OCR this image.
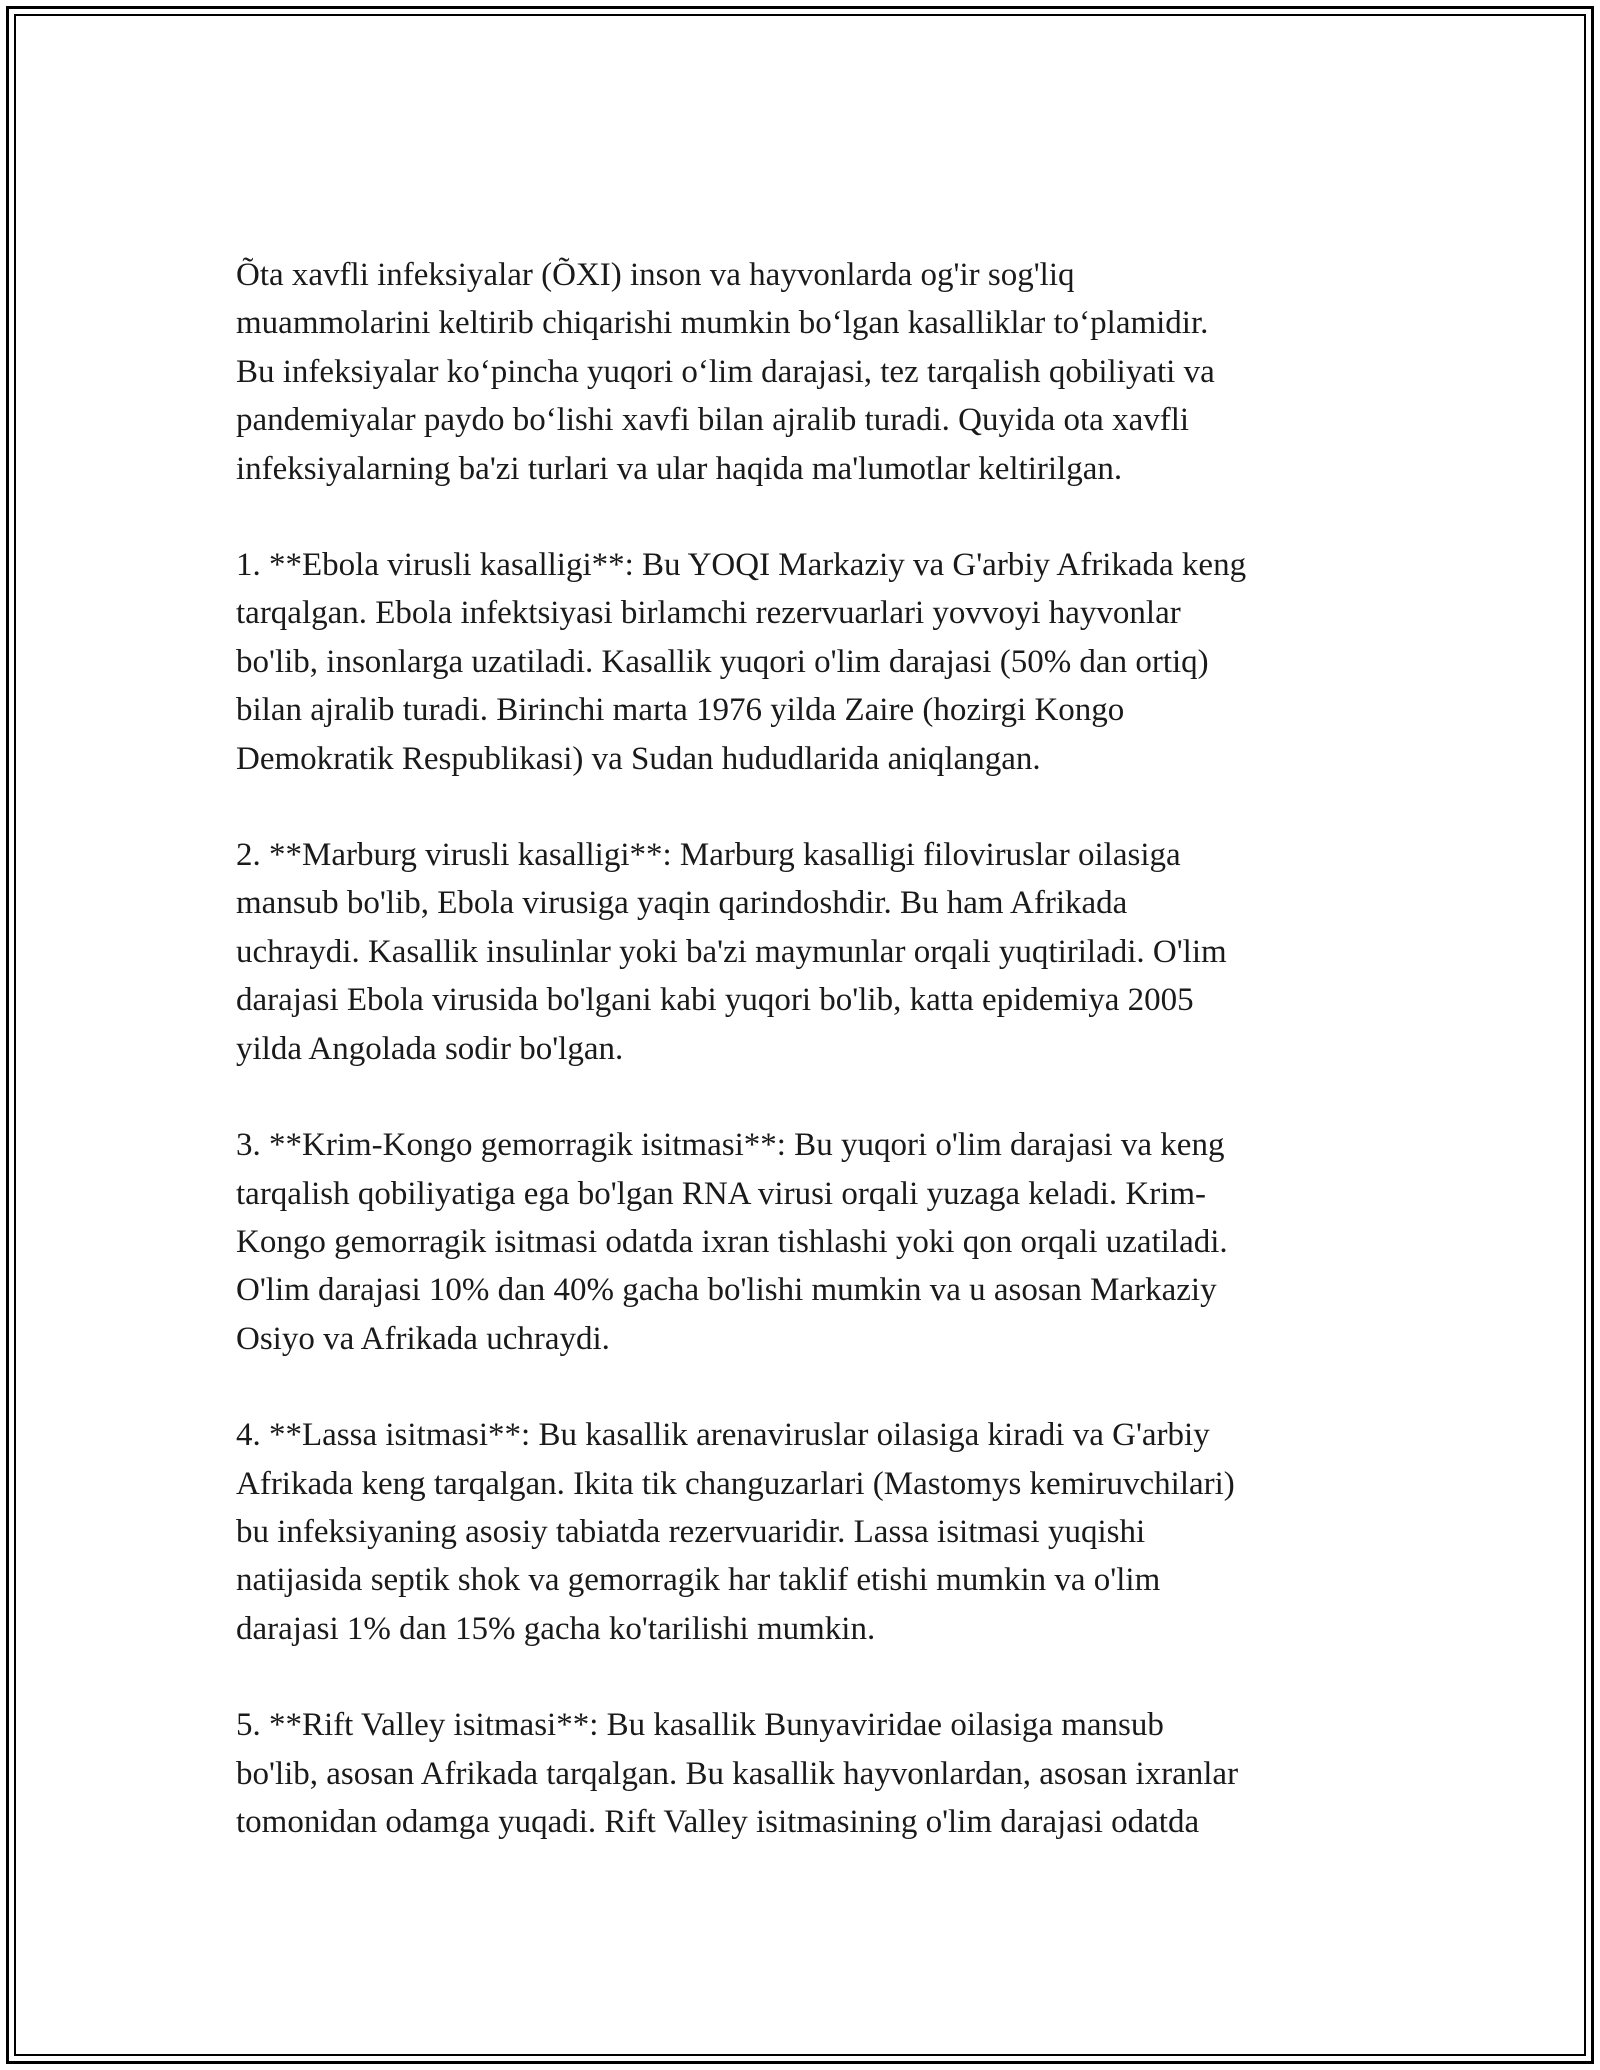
Õta xavfli infeksiyalar (ÕXI) inson va hayvonlarda og'ir sog'liq
muammolarini keltirib chiqarishi mumkin bo‘lgan kasalliklar to‘plamidir.
Bu infeksiyalar ko‘pincha yuqori o‘lim darajasi, tez tarqalish qobiliyati va
pandemiyalar paydo bo‘lishi xavfi bilan ajralib turadi. Quyida ota xavfli
infeksiyalarning ba'zi turlari va ular haqida ma'lumotlar keltirilgan.

1. **Ebola virusli kasalligi**: Bu YOQI Markaziy va G'arbiy Afrikada keng
tarqalgan. Ebola infektsiyasi birlamchi rezervuarlari yovvoyi hayvonlar
bo'lib, insonlarga uzatiladi. Kasallik yuqori o'lim darajasi (50% dan ortiq)
bilan ajralib turadi. Birinchi marta 1976 yilda Zaire (hozirgi Kongo
Demokratik Respublikasi) va Sudan hududlarida aniqlangan.

2. **Marburg virusli kasalligi**: Marburg kasalligi filoviruslar oilasiga
mansub bo'lib, Ebola virusiga yaqin qarindoshdir. Bu ham Afrikada
uchraydi. Kasallik insulinlar yoki ba'zi maymunlar orqali yuqtiriladi. O'lim
darajasi Ebola virusida bo'lgani kabi yuqori bo'lib, katta epidemiya 2005
yilda Angolada sodir bo'lgan.

3. **Krim-Kongo gemorragik isitmasi**: Bu yuqori o'lim darajasi va keng
tarqalish qobiliyatiga ega bo'lgan RNA virusi orqali yuzaga keladi. Krim-
Kongo gemorragik isitmasi odatda ixran tishlashi yoki qon orqali uzatiladi.
O'lim darajasi 10% dan 40% gacha bo'lishi mumkin va u asosan Markaziy
Osiyo va Afrikada uchraydi.

4. **Lassa isitmasi**: Bu kasallik arenaviruslar oilasiga kiradi va G'arbiy
Afrikada keng tarqalgan. Ikita tik changuzarlari (Mastomys kemiruvchilari)
bu infeksiyaning asosiy tabiatda rezervuaridir. Lassa isitmasi yuqishi
natijasida septik shok va gemorragik har taklif etishi mumkin va o'lim
darajasi 1% dan 15% gacha ko'tarilishi mumkin.

5. **Rift Valley isitmasi**: Bu kasallik Bunyaviridae oilasiga mansub
bo'lib, asosan Afrikada tarqalgan. Bu kasallik hayvonlardan, asosan ixranlar
tomonidan odamga yuqadi. Rift Valley isitmasining o'lim darajasi odatda
